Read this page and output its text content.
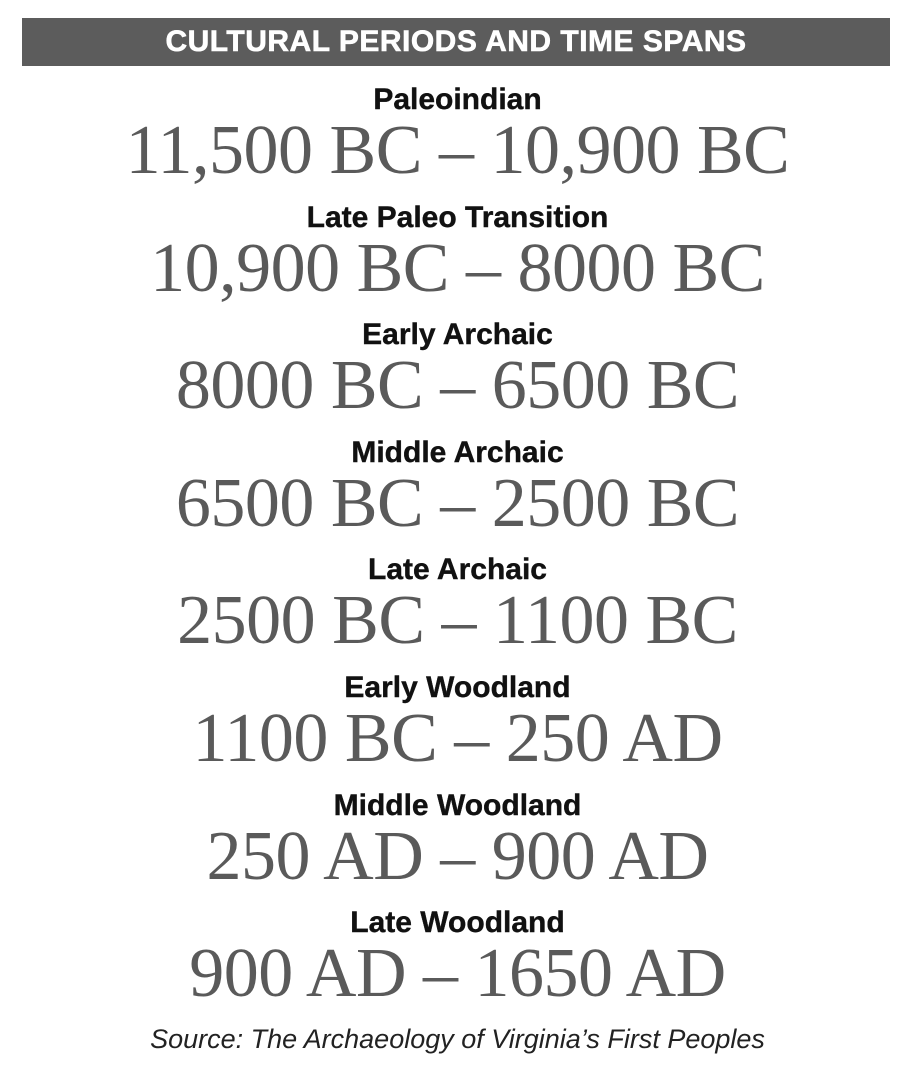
CULTURAL PERIODS AND TIME SPANS
Paleoindian
11,500 BC – 10,900 BC
Late Paleo Transition
10,900 BC – 8000 BC
Early Archaic
8000 BC – 6500 BC
Middle Archaic
6500 BC – 2500 BC
Late Archaic
2500 BC – 1100 BC
Early Woodland
1100 BC – 250 AD
Middle Woodland
250 AD – 900 AD
Late Woodland
900 AD – 1650 AD
Source: The Archaeology of Virginia’s First Peoples
